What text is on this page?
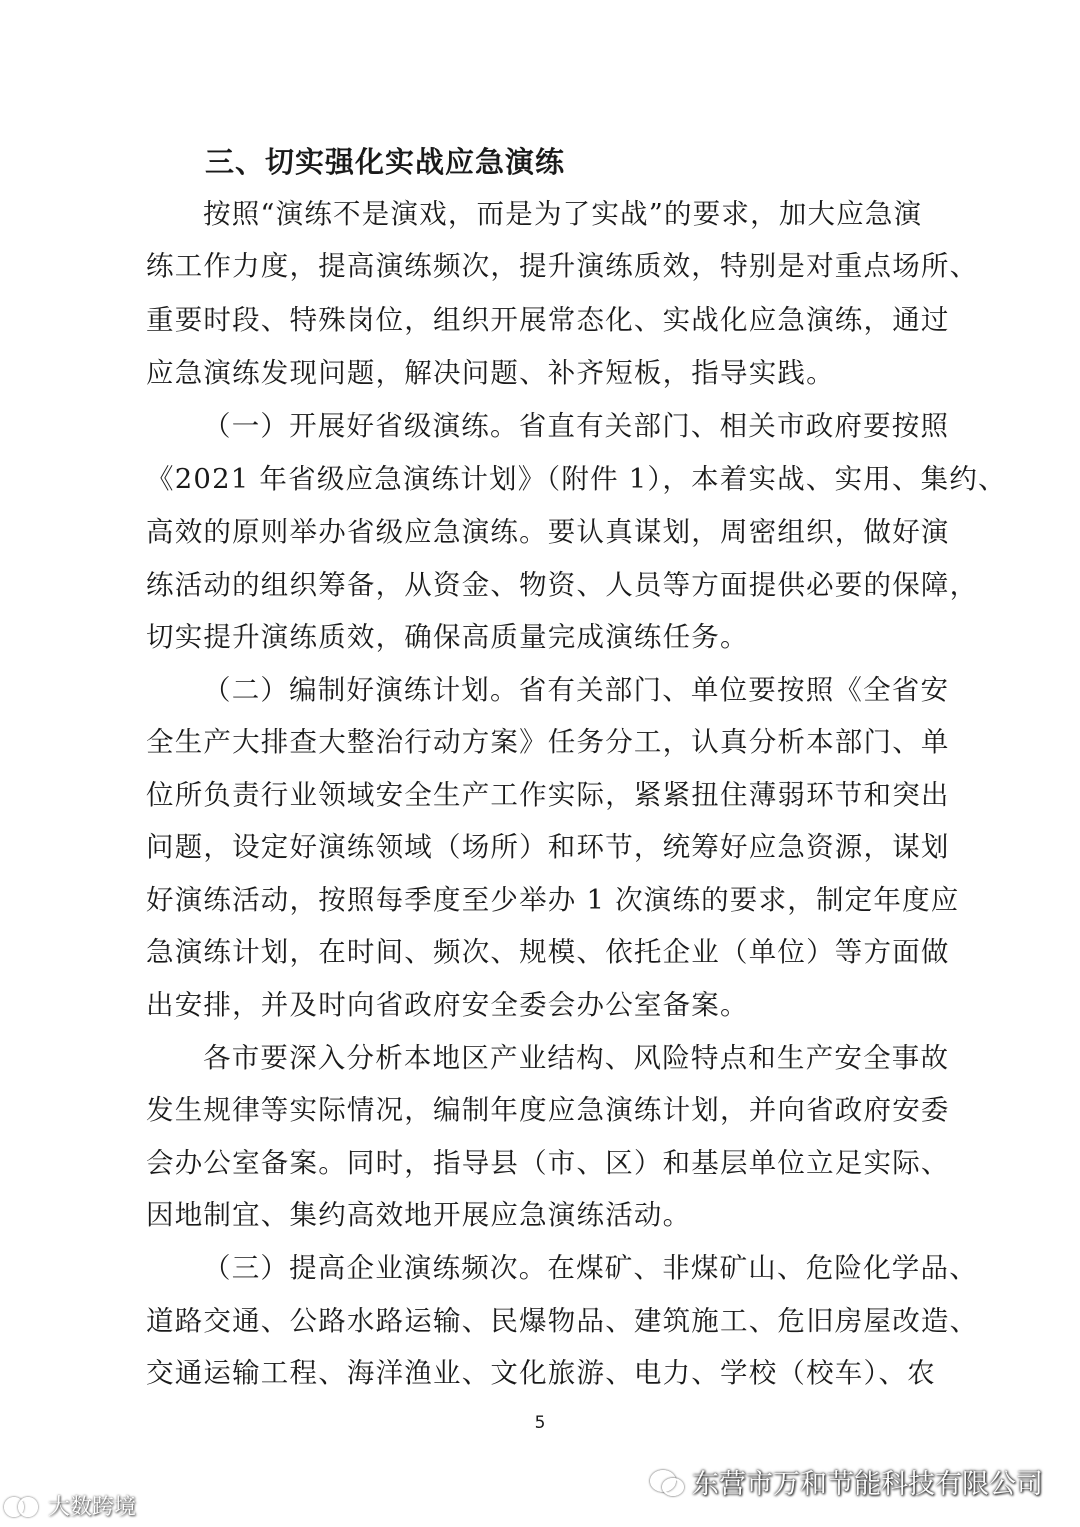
三、切实强化实战应急演练
按照“演练不是演戏，而是为了实战”的要求，加大应急演
练工作力度，提高演练频次，提升演练质效，特别是对重点场所、
重要时段、特殊岗位，组织开展常态化、实战化应急演练，通过
应急演练发现问题，解决问题、补齐短板，指导实践。
（一）开展好省级演练。省直有关部门、相关市政府要按照
《2021 年省级应急演练计划》（附件 1），本着实战、实用、集约、
高效的原则举办省级应急演练。要认真谋划，周密组织，做好演
练活动的组织筹备，从资金、物资、人员等方面提供必要的保障，
切实提升演练质效，确保高质量完成演练任务。
（二）编制好演练计划。省有关部门、单位要按照《全省安
全生产大排查大整治行动方案》任务分工，认真分析本部门、单
位所负责行业领域安全生产工作实际，紧紧扭住薄弱环节和突出
问题，设定好演练领域（场所）和环节，统筹好应急资源，谋划
好演练活动，按照每季度至少举办 1 次演练的要求，制定年度应
急演练计划，在时间、频次、规模、依托企业（单位）等方面做
出安排，并及时向省政府安全委会办公室备案。
各市要深入分析本地区产业结构、风险特点和生产安全事故
发生规律等实际情况，编制年度应急演练计划，并向省政府安委
会办公室备案。同时，指导县（市、区）和基层单位立足实际、
因地制宜、集约高效地开展应急演练活动。
（三）提高企业演练频次。在煤矿、非煤矿山、危险化学品、
道路交通、公路水路运输、民爆物品、建筑施工、危旧房屋改造、
交通运输工程、海洋渔业、文化旅游、电力、学校（校车）、农
5
东营市万和节能科技有限公司
大数跨境
